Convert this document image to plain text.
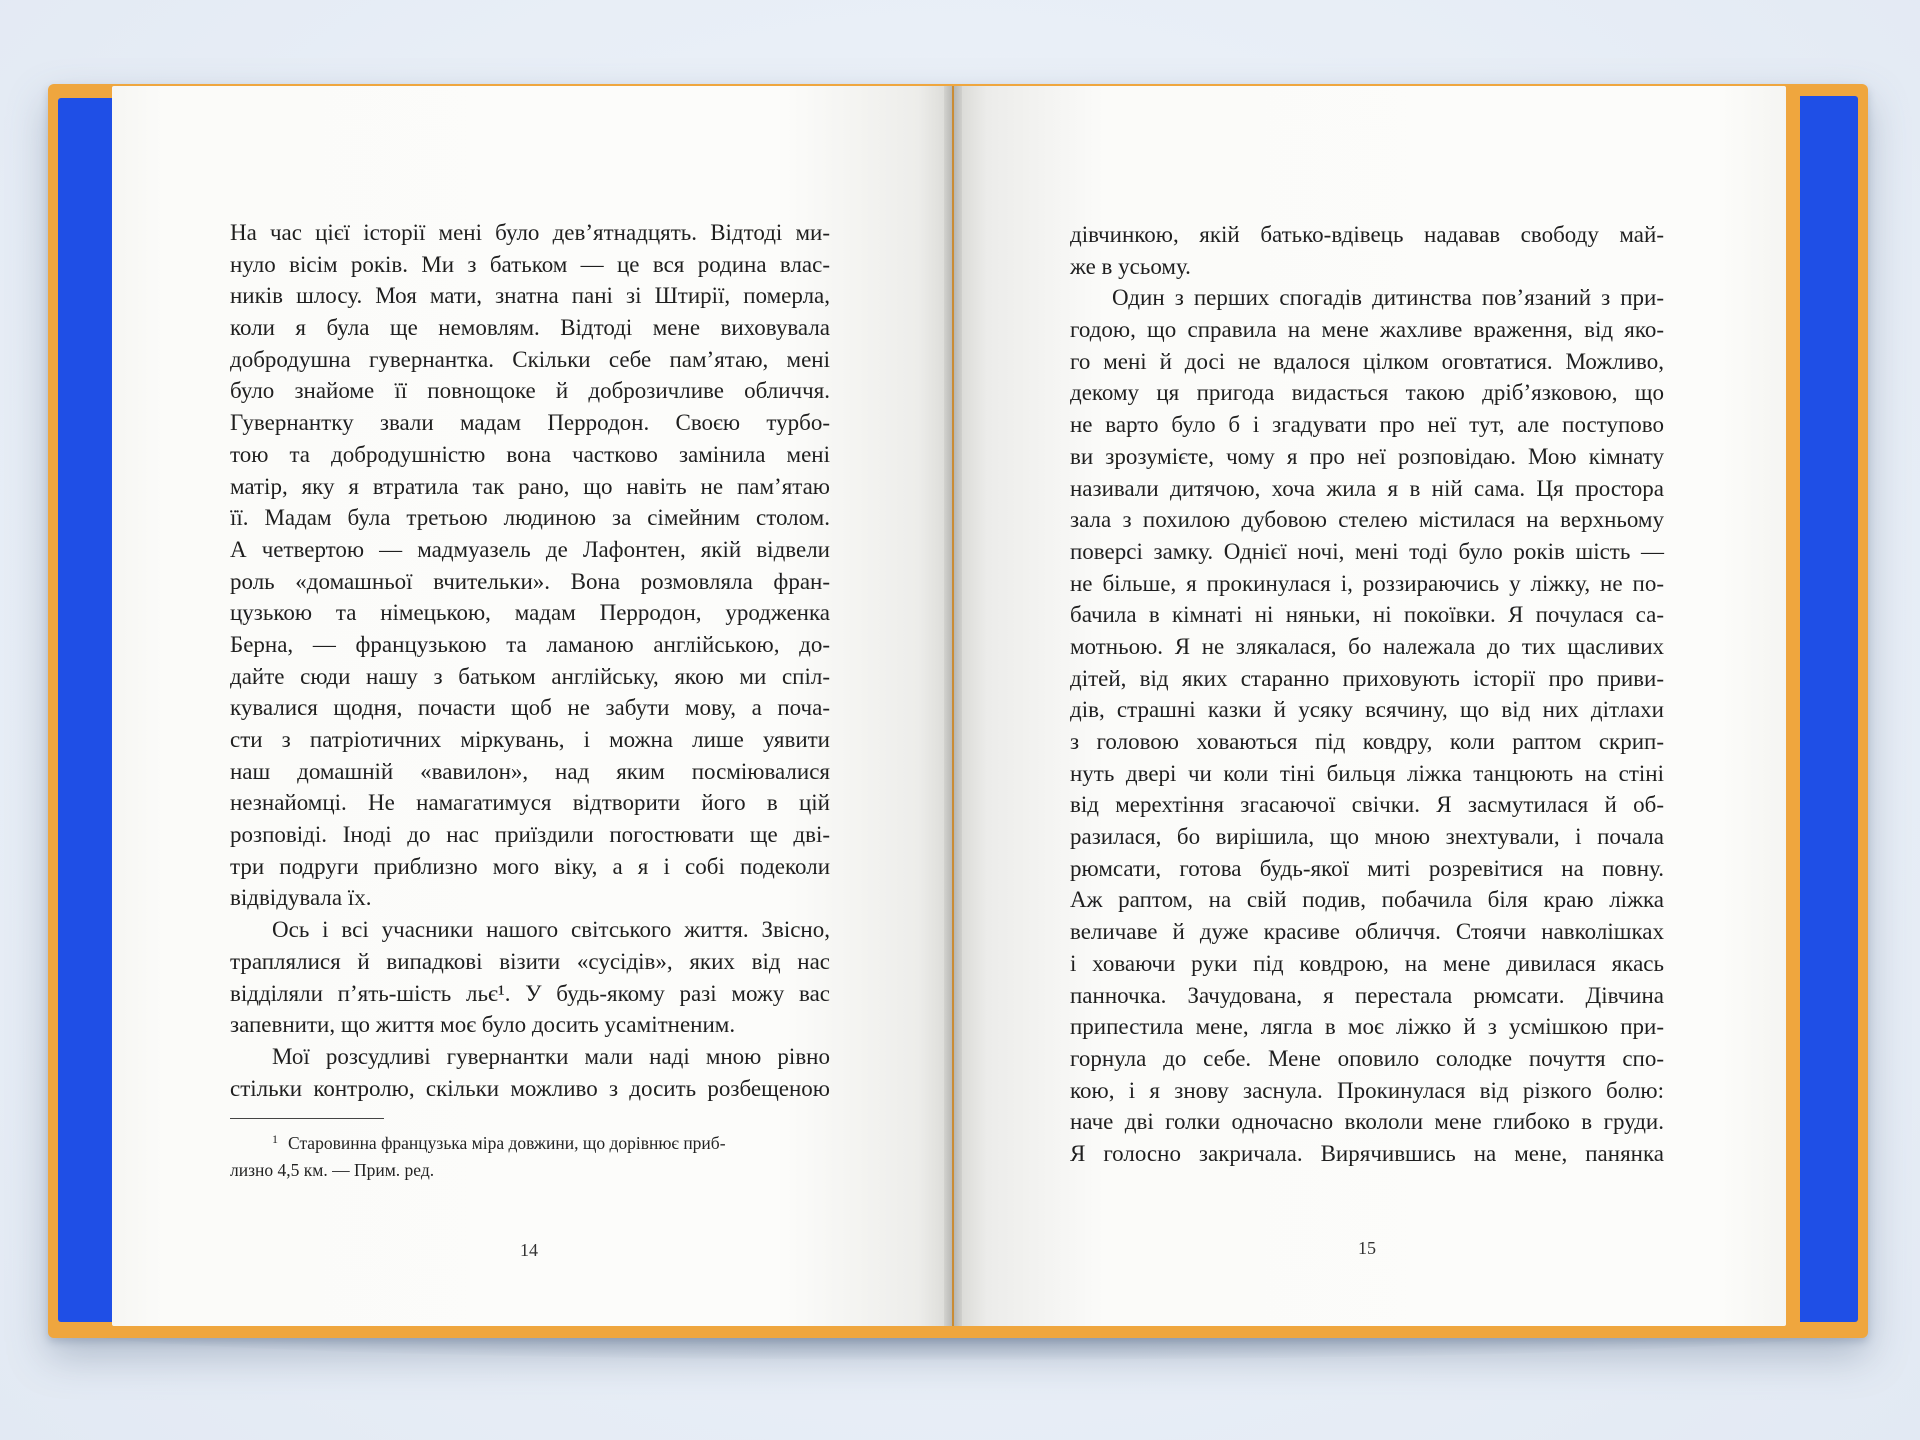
На час цієї історії мені було дев’ятнадцять. Відтоді ми-
нуло вісім років. Ми з батьком — це вся родина влас-
ників шлосу. Моя мати, знатна пані зі Штирії, померла,
коли я була ще немовлям. Відтоді мене виховувала
добродушна гувернантка. Скільки себе пам’ятаю, мені
було знайоме її повнощоке й доброзичливе обличчя.
Гувернантку звали мадам Перродон. Своєю турбо-
тою та добродушністю вона частково замінила мені
матір, яку я втратила так рано, що навіть не пам’ятаю
її. Мадам була третьою людиною за сімейним столом.
А четвертою — мадмуазель де Лафонтен, якій відвели
роль «домашньої вчительки». Вона розмовляла фран-
цузькою та німецькою, мадам Перродон, уродженка
Берна, — французькою та ламаною англійською, до-
дайте сюди нашу з батьком англійську, якою ми спіл-
кувалися щодня, почасти щоб не забути мову, а поча-
сти з патріотичних міркувань, і можна лише уявити
наш домашній «вавилон», над яким посміювалися
незнайомці. Не намагатимуся відтворити його в цій
розповіді. Іноді до нас приїздили погостювати ще дві-
три подруги приблизно мого віку, а я і собі подеколи
відвідувала їх.
Ось і всі учасники нашого світського життя. Звісно,
траплялися й випадкові візити «сусідів», яких від нас
відділяли п’ять-шість льє¹. У будь-якому разі можу вас
запевнити, що життя моє було досить усамітненим.
Мої розсудливі гувернантки мали наді мною рівно
стільки контролю, скільки можливо з досить розбещеною
$^1$ Старовинна французька міра довжини, що дорівнює приб-
лизно 4,5 км. — Прим. ред.
14
дівчинкою, якій батько-вдівець надавав свободу май-
же в усьому.
Один з перших спогадів дитинства пов’язаний з при-
годою, що справила на мене жахливе враження, від яко-
го мені й досі не вдалося цілком оговтатися. Можливо,
декому ця пригода видасться такою дріб’язковою, що
не варто було б і згадувати про неї тут, але поступово
ви зрозумієте, чому я про неї розповідаю. Мою кімнату
називали дитячою, хоча жила я в ній сама. Ця простора
зала з похилою дубовою стелею містилася на верхньому
поверсі замку. Однієї ночі, мені тоді було років шість —
не більше, я прокинулася і, роззираючись у ліжку, не по-
бачила в кімнаті ні няньки, ні покоївки. Я почулася са-
мотньою. Я не злякалася, бо належала до тих щасливих
дітей, від яких старанно приховують історії про приви-
дів, страшні казки й усяку всячину, що від них дітлахи
з головою ховаються під ковдру, коли раптом скрип-
нуть двері чи коли тіні бильця ліжка танцюють на стіні
від мерехтіння згасаючої свічки. Я засмутилася й об-
разилася, бо вирішила, що мною знехтували, і почала
рюмсати, готова будь-якої миті розревітися на повну.
Аж раптом, на свій подив, побачила біля краю ліжка
величаве й дуже красиве обличчя. Стоячи навколішках
і ховаючи руки під ковдрою, на мене дивилася якась
панночка. Зачудована, я перестала рюмсати. Дівчина
припестила мене, лягла в моє ліжко й з усмішкою при-
горнула до себе. Мене оповило солодке почуття спо-
кою, і я знову заснула. Прокинулася від різкого болю:
наче дві голки одночасно вкололи мене глибоко в груди.
Я голосно закричала. Вирячившись на мене, панянка
15
